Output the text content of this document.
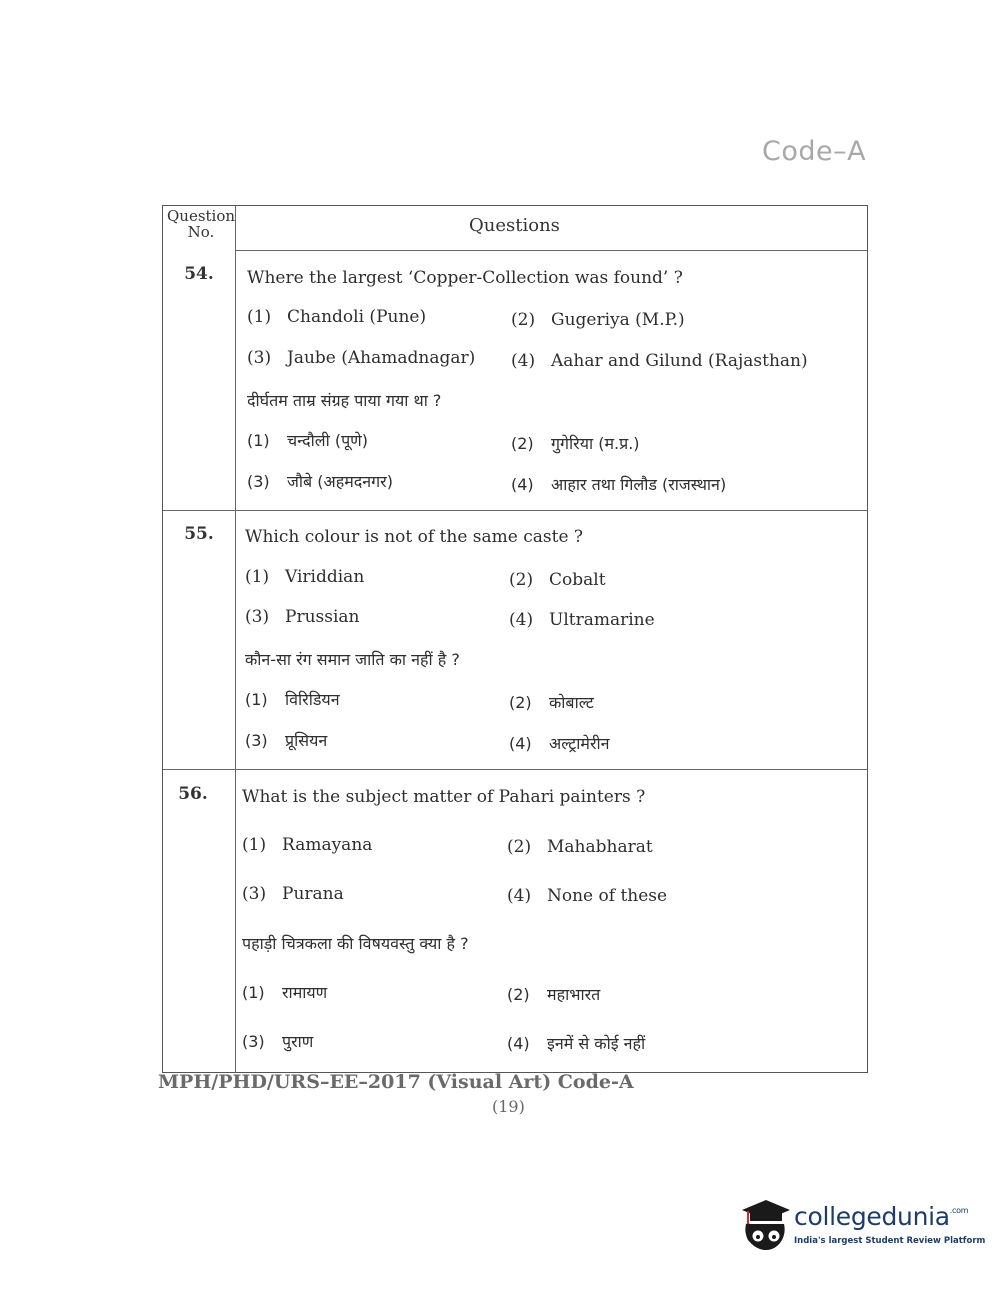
Code–A
Question
No.	Questions
54.	Where the largest ‘Copper-Collection was found’ ?
(1) Chandoli (Pune)	(2) Gugeriya (M.P.)
(3) Jaube (Ahamadnagar) (4) Aahar and Gilund (Rajasthan)
दीर्घतम ताम्र संग्रह पाया गया था ?
(1) चन्दौली (पूणे)	(2) गुगेरिया (म.प्र.)
(3) जौबे (अहमदनगर)	(4) आहार तथा गिलौड (राजस्थान)
55.	Which colour is not of the same caste ?
(1) Viriddian	(2) Cobalt
(3) Prussian	(4) Ultramarine
कौन-सा रंग समान जाति का नहीं है ?
(1) विरिडियन	(2) कोबाल्ट
(3) प्रूसियन	(4) अल्ट्रामेरीन
56.	What is the subject matter of Pahari painters ?
(1) Ramayana	(2) Mahabharat
(3) Purana	(4) None of these
पहाड़ी चित्रकला की विषयवस्तु क्या है ?
(1) रामायण	(2) महाभारत
(3) पुराण	(4) इनमें से कोई नहीं
MPH/PHD/URS–EE–2017 (Visual Art) Code-A
(19)
collegedunia$^{.com}$
India's largest Student Review Platform
